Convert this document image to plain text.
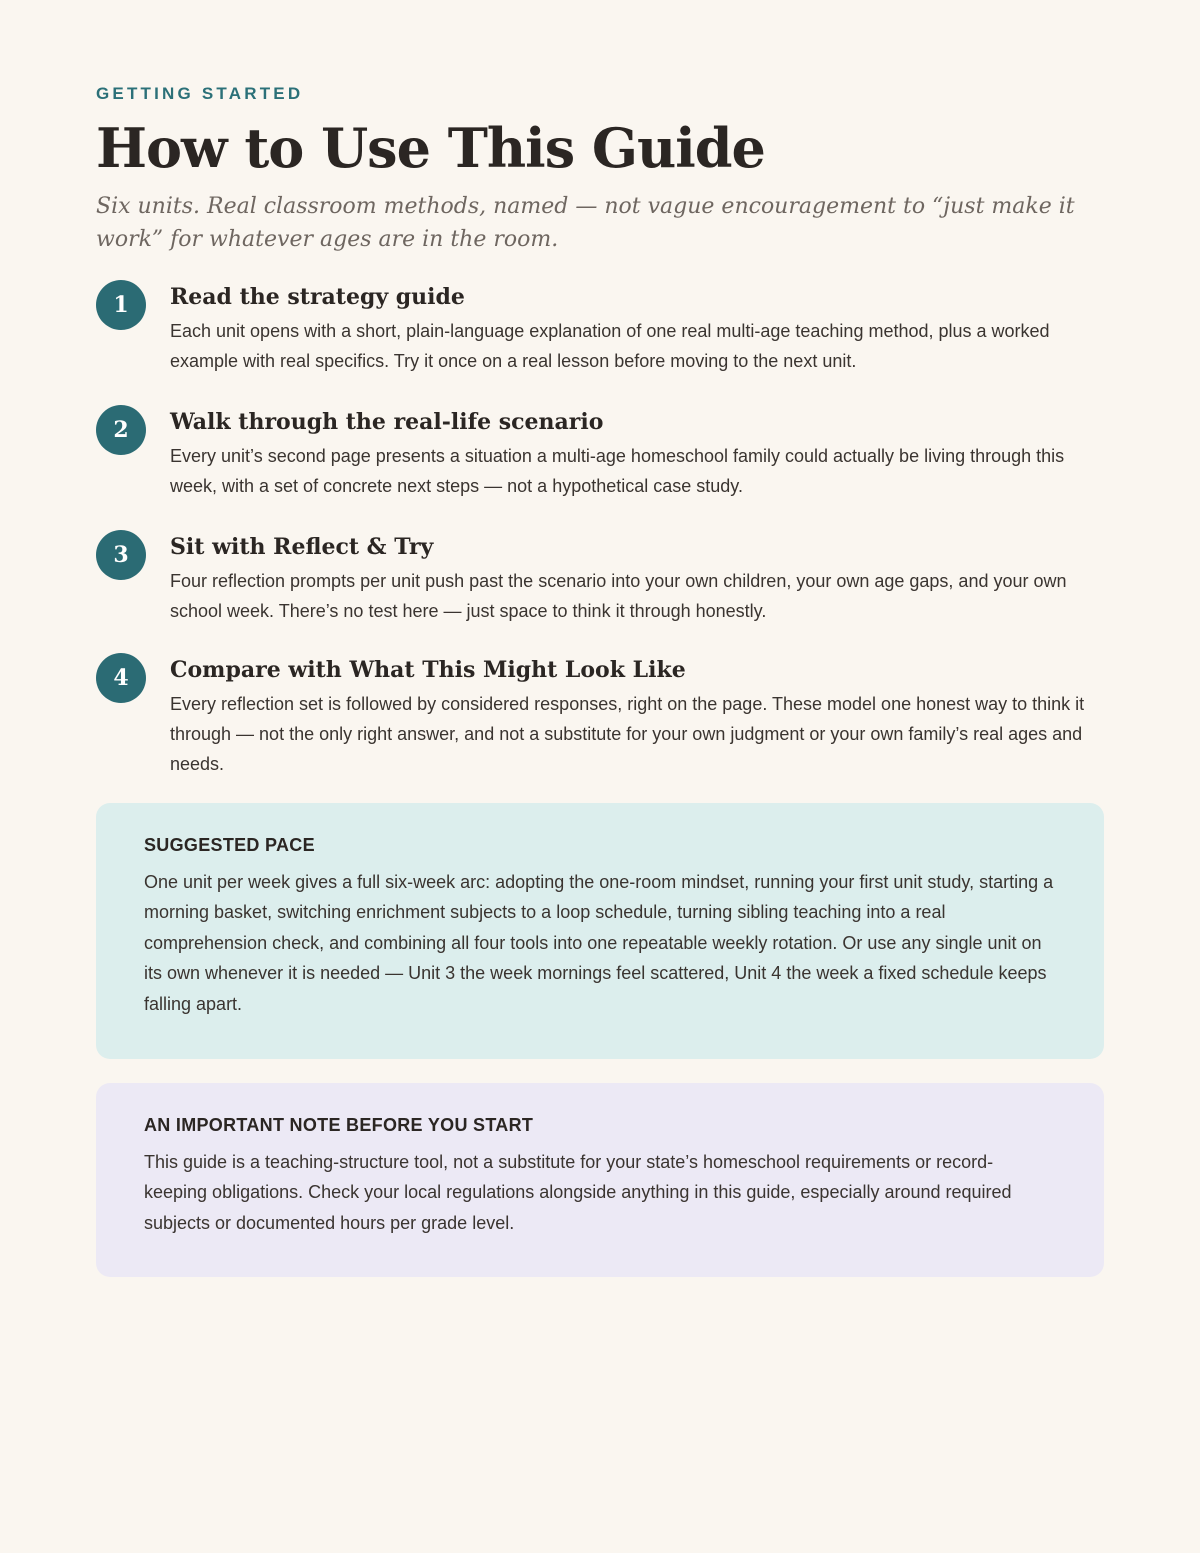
GETTING STARTED

How to Use This Guide

Six units. Real classroom methods, named — not vague encouragement to “just make it work” for whatever ages are in the room.

1	Read the strategy guide

Each unit opens with a short, plain-language explanation of one real multi-age teaching method, plus a worked example with real specifics. Try it once on a real lesson before moving to the next unit.

2	Walk through the real-life scenario

Every unit’s second page presents a situation a multi-age homeschool family could actually be living through this week, with a set of concrete next steps — not a hypothetical case study.

3	Sit with Reflect & Try

Four reflection prompts per unit push past the scenario into your own children, your own age gaps, and your own school week. There’s no test here — just space to think it through honestly.

4	Compare with What This Might Look Like

Every reflection set is followed by considered responses, right on the page. These model one honest way to think it through — not the only right answer, and not a substitute for your own judgment or your own family’s real ages and needs.

SUGGESTED PACE

One unit per week gives a full six-week arc: adopting the one-room mindset, running your first unit study, starting a morning basket, switching enrichment subjects to a loop schedule, turning sibling teaching into a real comprehension check, and combining all four tools into one repeatable weekly rotation. Or use any single unit on its own whenever it is needed — Unit 3 the week mornings feel scattered, Unit 4 the week a fixed schedule keeps falling apart.

AN IMPORTANT NOTE BEFORE YOU START

This guide is a teaching-structure tool, not a substitute for your state’s homeschool requirements or record-keeping obligations. Check your local regulations alongside anything in this guide, especially around required subjects or documented hours per grade level.
